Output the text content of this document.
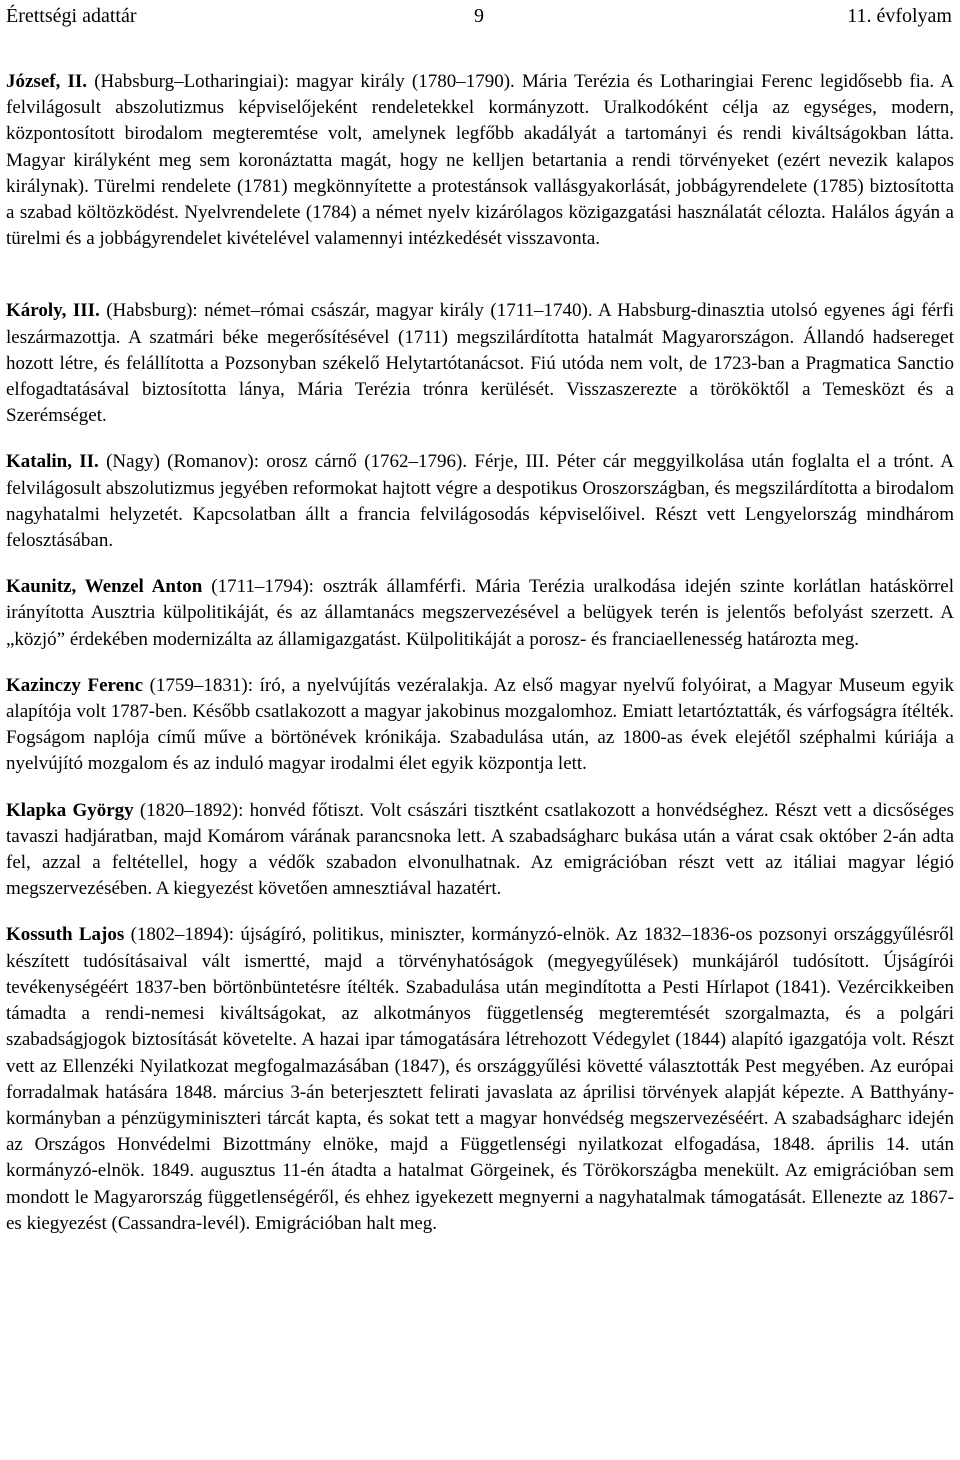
Érettségi adattár	9	11. évfolyam

József, II. (Habsburg–Lotharingiai): magyar király (1780–1790). Mária Terézia és Lotharingiai Ferenc legidősebb fia. A felvilágosult abszolutizmus képviselőjeként rendeletekkel kormányzott. Uralkodóként célja az egységes, modern, központosított birodalom megteremtése volt, amelynek legfőbb akadályát a tartományi és rendi kiváltságokban látta. Magyar királyként meg sem koronáztatta magát, hogy ne kelljen betartania a rendi törvényeket (ezért nevezik kalapos királynak). Türelmi rendelete (1781) megkönnyítette a protestánsok vallásgyakorlását, jobbágyrendelete (1785) biztosította a szabad költözködést. Nyelvrendelete (1784) a német nyelv kizárólagos közigazgatási használatát célozta. Halálos ágyán a türelmi és a jobbágyrendelet kivételével valamennyi intézkedését visszavonta.

Károly, III. (Habsburg): német–római császár, magyar király (1711–1740). A Habsburg-dinasztia utolsó egyenes ági férfi leszármazottja. A szatmári béke megerősítésével (1711) megszilárdította hatalmát Magyarországon. Állandó hadsereget hozott létre, és felállította a Pozsonyban székelő Helytartótanácsot. Fiú utóda nem volt, de 1723-ban a Pragmatica Sanctio elfogadtatásával biztosította lánya, Mária Terézia trónra kerülését. Visszaszerezte a törököktől a Temesközt és a Szerémséget.

Katalin, II. (Nagy) (Romanov): orosz cárnő (1762–1796). Férje, III. Péter cár meggyilkolása után foglalta el a trónt. A felvilágosult abszolutizmus jegyében reformokat hajtott végre a despotikus Oroszországban, és megszilárdította a birodalom nagyhatalmi helyzetét. Kapcsolatban állt a francia felvilágosodás képviselőivel. Részt vett Lengyelország mindhárom felosztásában.

Kaunitz, Wenzel Anton (1711–1794): osztrák államférfi. Mária Terézia uralkodása idején szinte korlátlan hatáskörrel irányította Ausztria külpolitikáját, és az államtanács megszervezésével a belügyek terén is jelentős befolyást szerzett. A „közjó” érdekében modernizálta az államigazgatást. Külpolitikáját a porosz- és franciaellenesség határozta meg.

Kazinczy Ferenc (1759–1831): író, a nyelvújítás vezéralakja. Az első magyar nyelvű folyóirat, a Magyar Museum egyik alapítója volt 1787-ben. Később csatlakozott a magyar jakobinus mozgalomhoz. Emiatt letartóztatták, és várfogságra ítélték. Fogságom naplója című műve a börtönévek krónikája. Szabadulása után, az 1800-as évek elejétől széphalmi kúriája a nyelvújító mozgalom és az induló magyar irodalmi élet egyik központja lett.

Klapka György (1820–1892): honvéd főtiszt. Volt császári tisztként csatlakozott a honvédséghez. Részt vett a dicsőséges tavaszi hadjáratban, majd Komárom várának parancsnoka lett. A szabadságharc bukása után a várat csak október 2-án adta fel, azzal a feltétellel, hogy a védők szabadon elvonulhatnak. Az emigrációban részt vett az itáliai magyar légió megszervezésében. A kiegyezést követően amnesztiával hazatért.

Kossuth Lajos (1802–1894): újságíró, politikus, miniszter, kormányzó-elnök. Az 1832–1836-os pozsonyi országgyűlésről készített tudósításaival vált ismertté, majd a törvényhatóságok (megyegyűlések) munkájáról tudósított. Újságírói tevékenységéért 1837-ben börtönbüntetésre ítélték. Szabadulása után megindította a Pesti Hírlapot (1841). Vezércikkeiben támadta a rendi-nemesi kiváltságokat, az alkotmányos függetlenség megteremtését szorgalmazta, és a polgári szabadságjogok biztosítását követelte. A hazai ipar támogatására létrehozott Védegylet (1844) alapító igazgatója volt. Részt vett az Ellenzéki Nyilatkozat megfogalmazásában (1847), és országgyűlési követté választották Pest megyében. Az európai forradalmak hatására 1848. március 3-án beterjesztett felirati javaslata az áprilisi törvények alapját képezte. A Batthyány-kormányban a pénzügyminiszteri tárcát kapta, és sokat tett a magyar honvédség megszervezéséért. A szabadságharc idején az Országos Honvédelmi Bizottmány elnöke, majd a Függetlenségi nyilatkozat elfogadása, 1848. április 14. után kormányzó-elnök. 1849. augusztus 11-én átadta a hatalmat Görgeinek, és Törökországba menekült. Az emigrációban sem mondott le Magyarország függetlenségéről, és ehhez igyekezett megnyerni a nagyhatalmak támogatását. Ellenezte az 1867-es kiegyezést (Cassandra-levél). Emigrációban halt meg.
